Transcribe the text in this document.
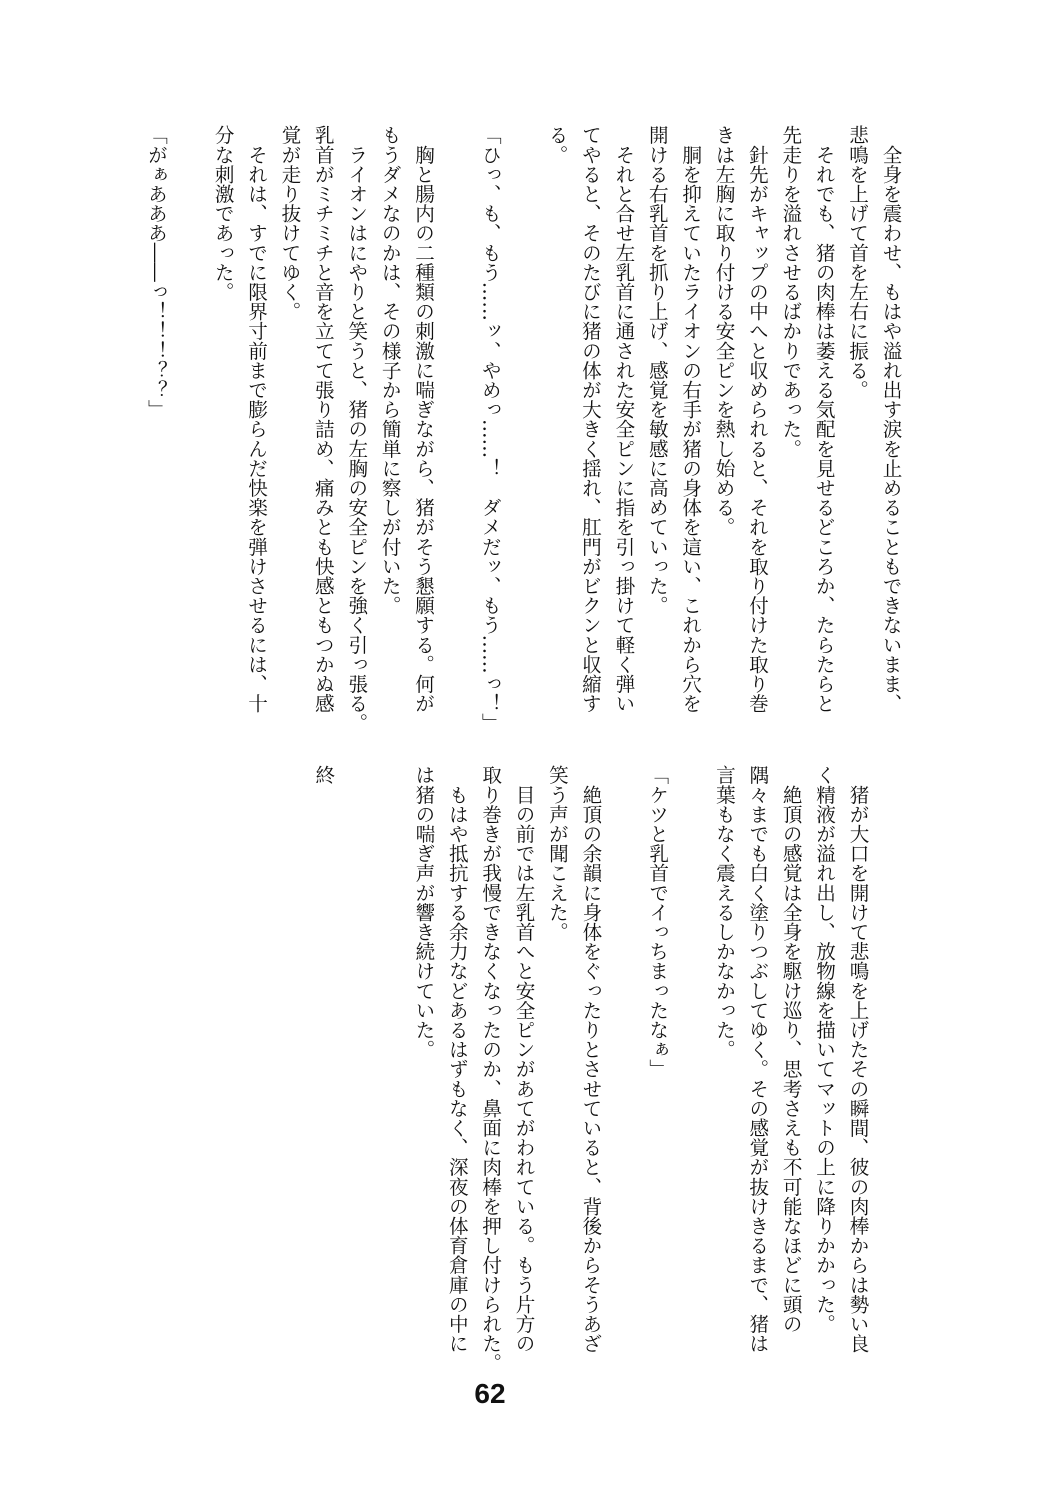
　全身を震わせ、もはや溢れ出す涙を止めることもできないまま、

悲鳴を上げて首を左右に振る。

　それでも、猪の肉棒は萎える気配を見せるどころか、たらたらと

先走りを溢れさせるばかりであった。

　針先がキャップの中へと収められると、それを取り付けた取り巻

きは左胸に取り付ける安全ピンを熱し始める。

　胴を抑えていたライオンの右手が猪の身体を這い、これから穴を

開ける右乳首を抓り上げ、感覚を敏感に高めていった。

　それと合せ左乳首に通された安全ピンに指を引っ掛けて軽く弾い

てやると、そのたびに猪の体が大きく揺れ、肛門がビクンと収縮す

る。

「ひっ、も、もう……ッ、やめっ……！　ダメだッ、もう……っ！」

　胸と腸内の二種類の刺激に喘ぎながら、猪がそう懇願する。何が

もうダメなのかは、その様子から簡単に察しが付いた。

　ライオンはにやりと笑うと、猪の左胸の安全ピンを強く引っ張る。

乳首がミチミチと音を立てて張り詰め、痛みとも快感ともつかぬ感

覚が走り抜けてゆく。

　それは、すでに限界寸前まで膨らんだ快楽を弾けさせるには、十

分な刺激であった。

「がぁあああ――っ！！！？？」

　猪が大口を開けて悲鳴を上げたその瞬間、彼の肉棒からは勢い良

く精液が溢れ出し、放物線を描いてマットの上に降りかかった。

　絶頂の感覚は全身を駆け巡り、思考さえも不可能なほどに頭の

隅々までも白く塗りつぶしてゆく。その感覚が抜けきるまで、猪は

言葉もなく震えるしかなかった。

「ケツと乳首でイっちまったなぁ」

　絶頂の余韻に身体をぐったりとさせていると、背後からそうあざ

笑う声が聞こえた。

　目の前では左乳首へと安全ピンがあてがわれている。もう片方の

取り巻きが我慢できなくなったのか、鼻面に肉棒を押し付けられた。

　もはや抵抗する余力などあるはずもなく、深夜の体育倉庫の中に

は猪の喘ぎ声が響き続けていた。

終

62
